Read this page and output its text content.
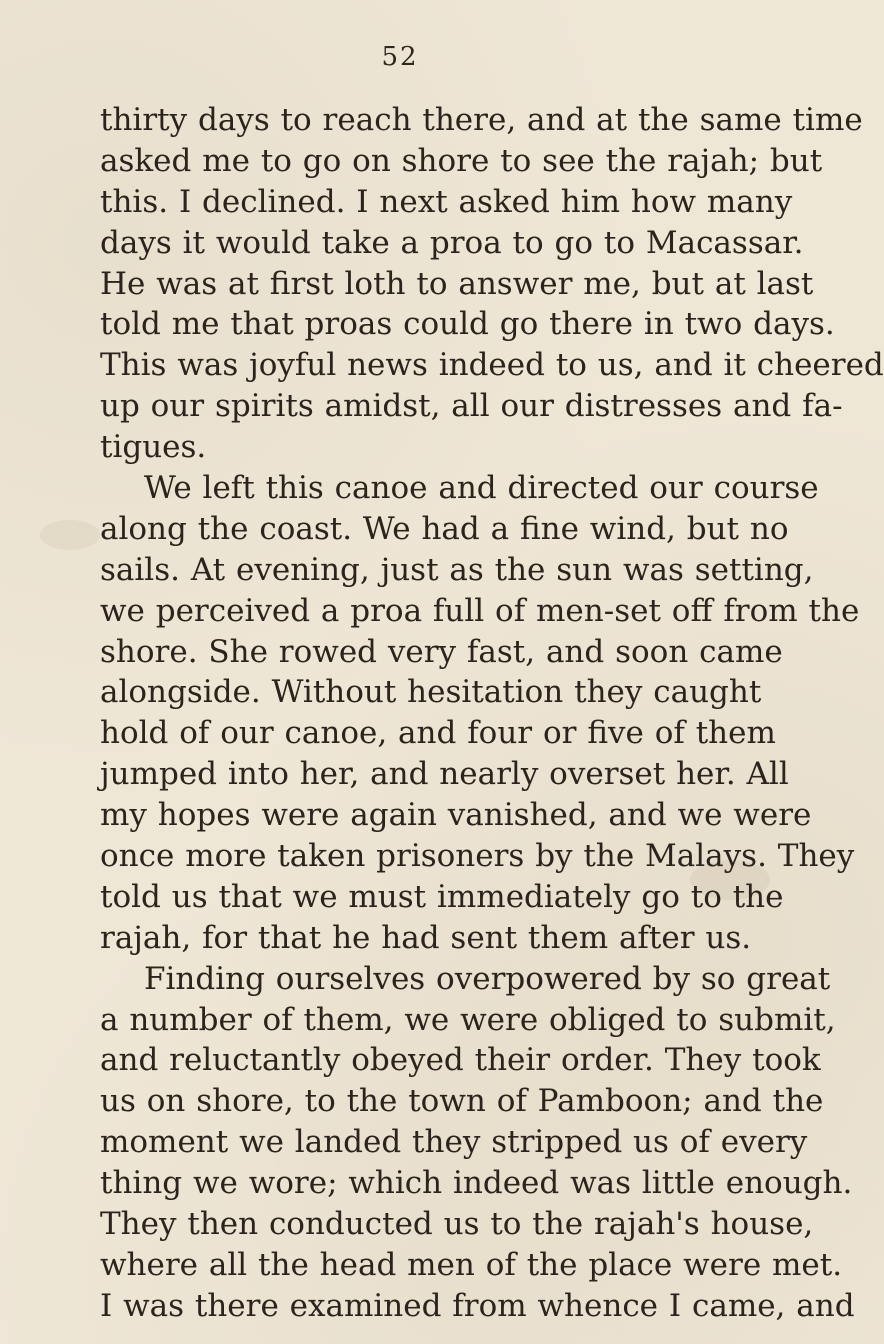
52
thirty days to reach there, and at the same time
asked me to go on shore to see the rajah; but
this. I declined. I next asked him how many
days it would take a proa to go to Macassar.
He was at first loth to answer me, but at last
told me that proas could go there in two days.
This was joyful news indeed to us, and it cheered
up our spirits amidst, all our distresses and fa-
tigues.
We left this canoe and directed our course
along the coast. We had a fine wind, but no
sails. At evening, just as the sun was setting,
we perceived a proa full of men-set off from the
shore. She rowed very fast, and soon came
alongside. Without hesitation they caught
hold of our canoe, and four or five of them
jumped into her, and nearly overset her. All
my hopes were again vanished, and we were
once more taken prisoners by the Malays. They
told us that we must immediately go to the
rajah, for that he had sent them after us.
Finding ourselves overpowered by so great
a number of them, we were obliged to submit,
and reluctantly obeyed their order. They took
us on shore, to the town of Pamboon; and the
moment we landed they stripped us of every
thing we wore; which indeed was little enough.
They then conducted us to the rajah's house,
where all the head men of the place were met.
I was there examined from whence I came, and
